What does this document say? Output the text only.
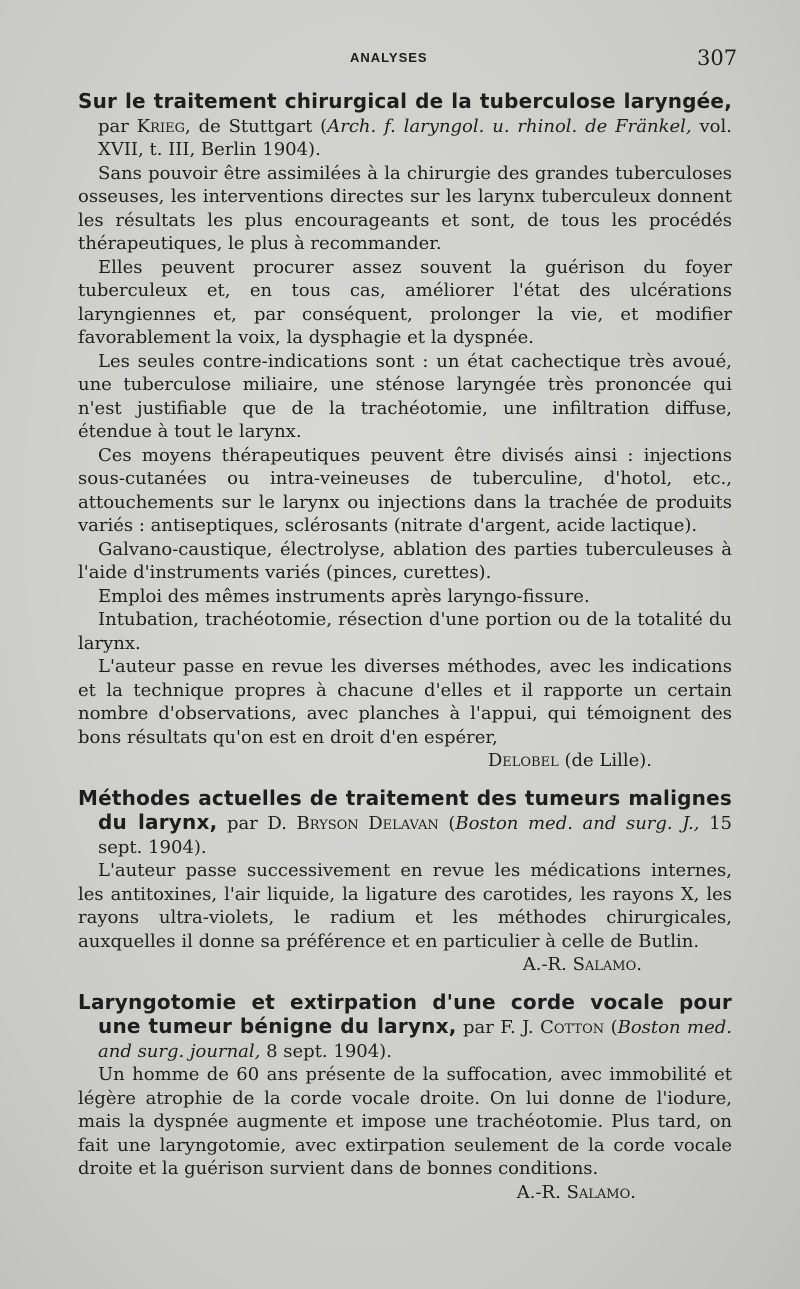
ANALYSES	307

Sur le traitement chirurgical de la tuberculose laryngée, par Krieg, de Stuttgart (Arch. f. laryngol. u. rhinol. de Fränkel, vol. XVII, t. III, Berlin 1904).

Sans pouvoir être assimilées à la chirurgie des grandes tuberculoses osseuses, les interventions directes sur les larynx tuberculeux donnent les résultats les plus encourageants et sont, de tous les procédés thérapeutiques, le plus à recommander.

Elles peuvent procurer assez souvent la guérison du foyer tuberculeux et, en tous cas, améliorer l'état des ulcérations laryngiennes et, par conséquent, prolonger la vie, et modifier favorablement la voix, la dysphagie et la dyspnée.

Les seules contre-indications sont : un état cachectique très avoué, une tuberculose miliaire, une sténose laryngée très prononcée qui n'est justifiable que de la trachéotomie, une infiltration diffuse, étendue à tout le larynx.

Ces moyens thérapeutiques peuvent être divisés ainsi : injections sous-cutanées ou intra-veineuses de tuberculine, d'hotol, etc., attouchements sur le larynx ou injections dans la trachée de produits variés : antiseptiques, sclérosants (nitrate d'argent, acide lactique).

Galvano-caustique, électrolyse, ablation des parties tuberculeuses à l'aide d'instruments variés (pinces, curettes).

Emploi des mêmes instruments après laryngo-fissure.

Intubation, trachéotomie, résection d'une portion ou de la totalité du larynx.

L'auteur passe en revue les diverses méthodes, avec les indications et la technique propres à chacune d'elles et il rapporte un certain nombre d'observations, avec planches à l'appui, qui témoignent des bons résultats qu'on est en droit d'en espérer,

Delobel (de Lille).

Méthodes actuelles de traitement des tumeurs malignes du larynx, par D. Bryson Delavan (Boston med. and surg. J., 15 sept. 1904).

L'auteur passe successivement en revue les médications internes, les antitoxines, l'air liquide, la ligature des carotides, les rayons X, les rayons ultra-violets, le radium et les méthodes chirurgicales, auxquelles il donne sa préférence et en particulier à celle de Butlin.

A.-R. Salamo.

Laryngotomie et extirpation d'une corde vocale pour une tumeur bénigne du larynx, par F. J. Cotton (Boston med. and surg. journal, 8 sept. 1904).

Un homme de 60 ans présente de la suffocation, avec immobilité et légère atrophie de la corde vocale droite. On lui donne de l'iodure, mais la dyspnée augmente et impose une trachéotomie. Plus tard, on fait une laryngotomie, avec extirpation seulement de la corde vocale droite et la guérison survient dans de bonnes conditions.

A.-R. Salamo.
